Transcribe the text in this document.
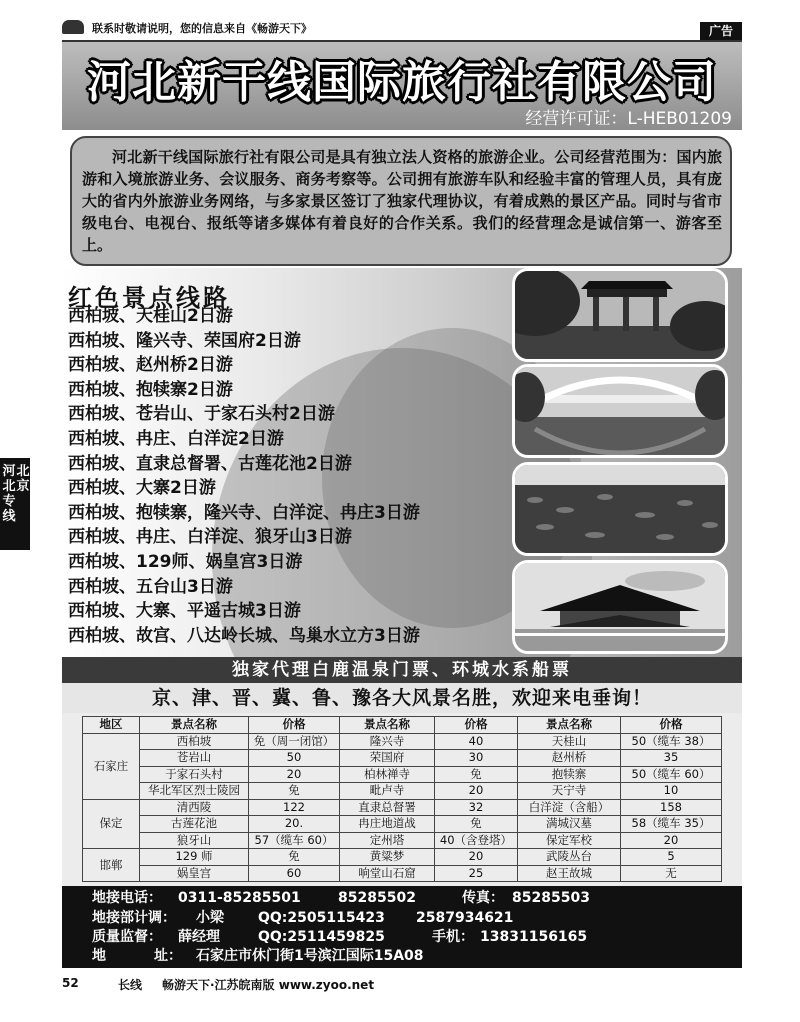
联系时敬请说明，您的信息来自《畅游天下》	广告
河北新干线国际旅行社有限公司
经营许可证：L-HEB01209
河北新干线国际旅行社有限公司是具有独立法人资格的旅游企业。公司经营范围为：国内旅游和入境旅游业务、会议服务、商务考察等。公司拥有旅游车队和经验丰富的管理人员，具有庞大的省内外旅游业务网络，与多家景区签订了独家代理协议，有着成熟的景区产品。同时与省市级电台、电视台、报纸等诸多媒体有着良好的合作关系。我们的经营理念是诚信第一、游客至上。
红色景点线路
西柏坡、天桂山2日游
西柏坡、隆兴寺、荣国府2日游
西柏坡、赵州桥2日游
西柏坡、抱犊寨2日游
西柏坡、苍岩山、于家石头村2日游
西柏坡、冉庄、白洋淀2日游
西柏坡、直隶总督署、古莲花池2日游
西柏坡、大寨2日游
西柏坡、抱犊寨，隆兴寺、白洋淀、冉庄3日游
西柏坡、冉庄、白洋淀、狼牙山3日游
西柏坡、129师、娲皇宫3日游
西柏坡、五台山3日游
西柏坡、大寨、平遥古城3日游
西柏坡、故宫、八达岭长城、鸟巢水立方3日游
北京
河北专线
独家代理白鹿温泉门票、环城水系船票
京、津、晋、冀、鲁、豫各大风景名胜，欢迎来电垂询！
地区	景点名称	价格	景点名称	价格	景点名称	价格
石家庄	西柏坡	免（周一闭馆）	隆兴寺	40	天桂山	50（缆车 38）
	苍岩山	50	荣国府	30	赵州桥	35
	于家石头村	20	柏林禅寺	免	抱犊寨	50（缆车 60）
	华北军区烈士陵园	免	毗卢寺	20	天宁寺	10
保定	清西陵	122	直隶总督署	32	白洋淀（含船）	158
	古莲花池	20.	冉庄地道战	免	满城汉墓	58（缆车 35）
	狼牙山	57（缆车 60）	定州塔	40（含登塔）	保定军校	20
邯郸	129 师	免	黄粱梦	20	武陵丛台	5
	娲皇宫	60	响堂山石窟	25	赵王故城	无
地接电话： 0311-85285501	85285502	传真： 85285503
地接部计调： 小梁 QQ:2505115423 2587934621
质量监督： 薛经理	QQ:2511459825	手机： 13831156165
地	址： 石家庄市休门街1号滨江国际15A08
52	长线 畅游天下·江苏皖南版 www.zyoo.net
